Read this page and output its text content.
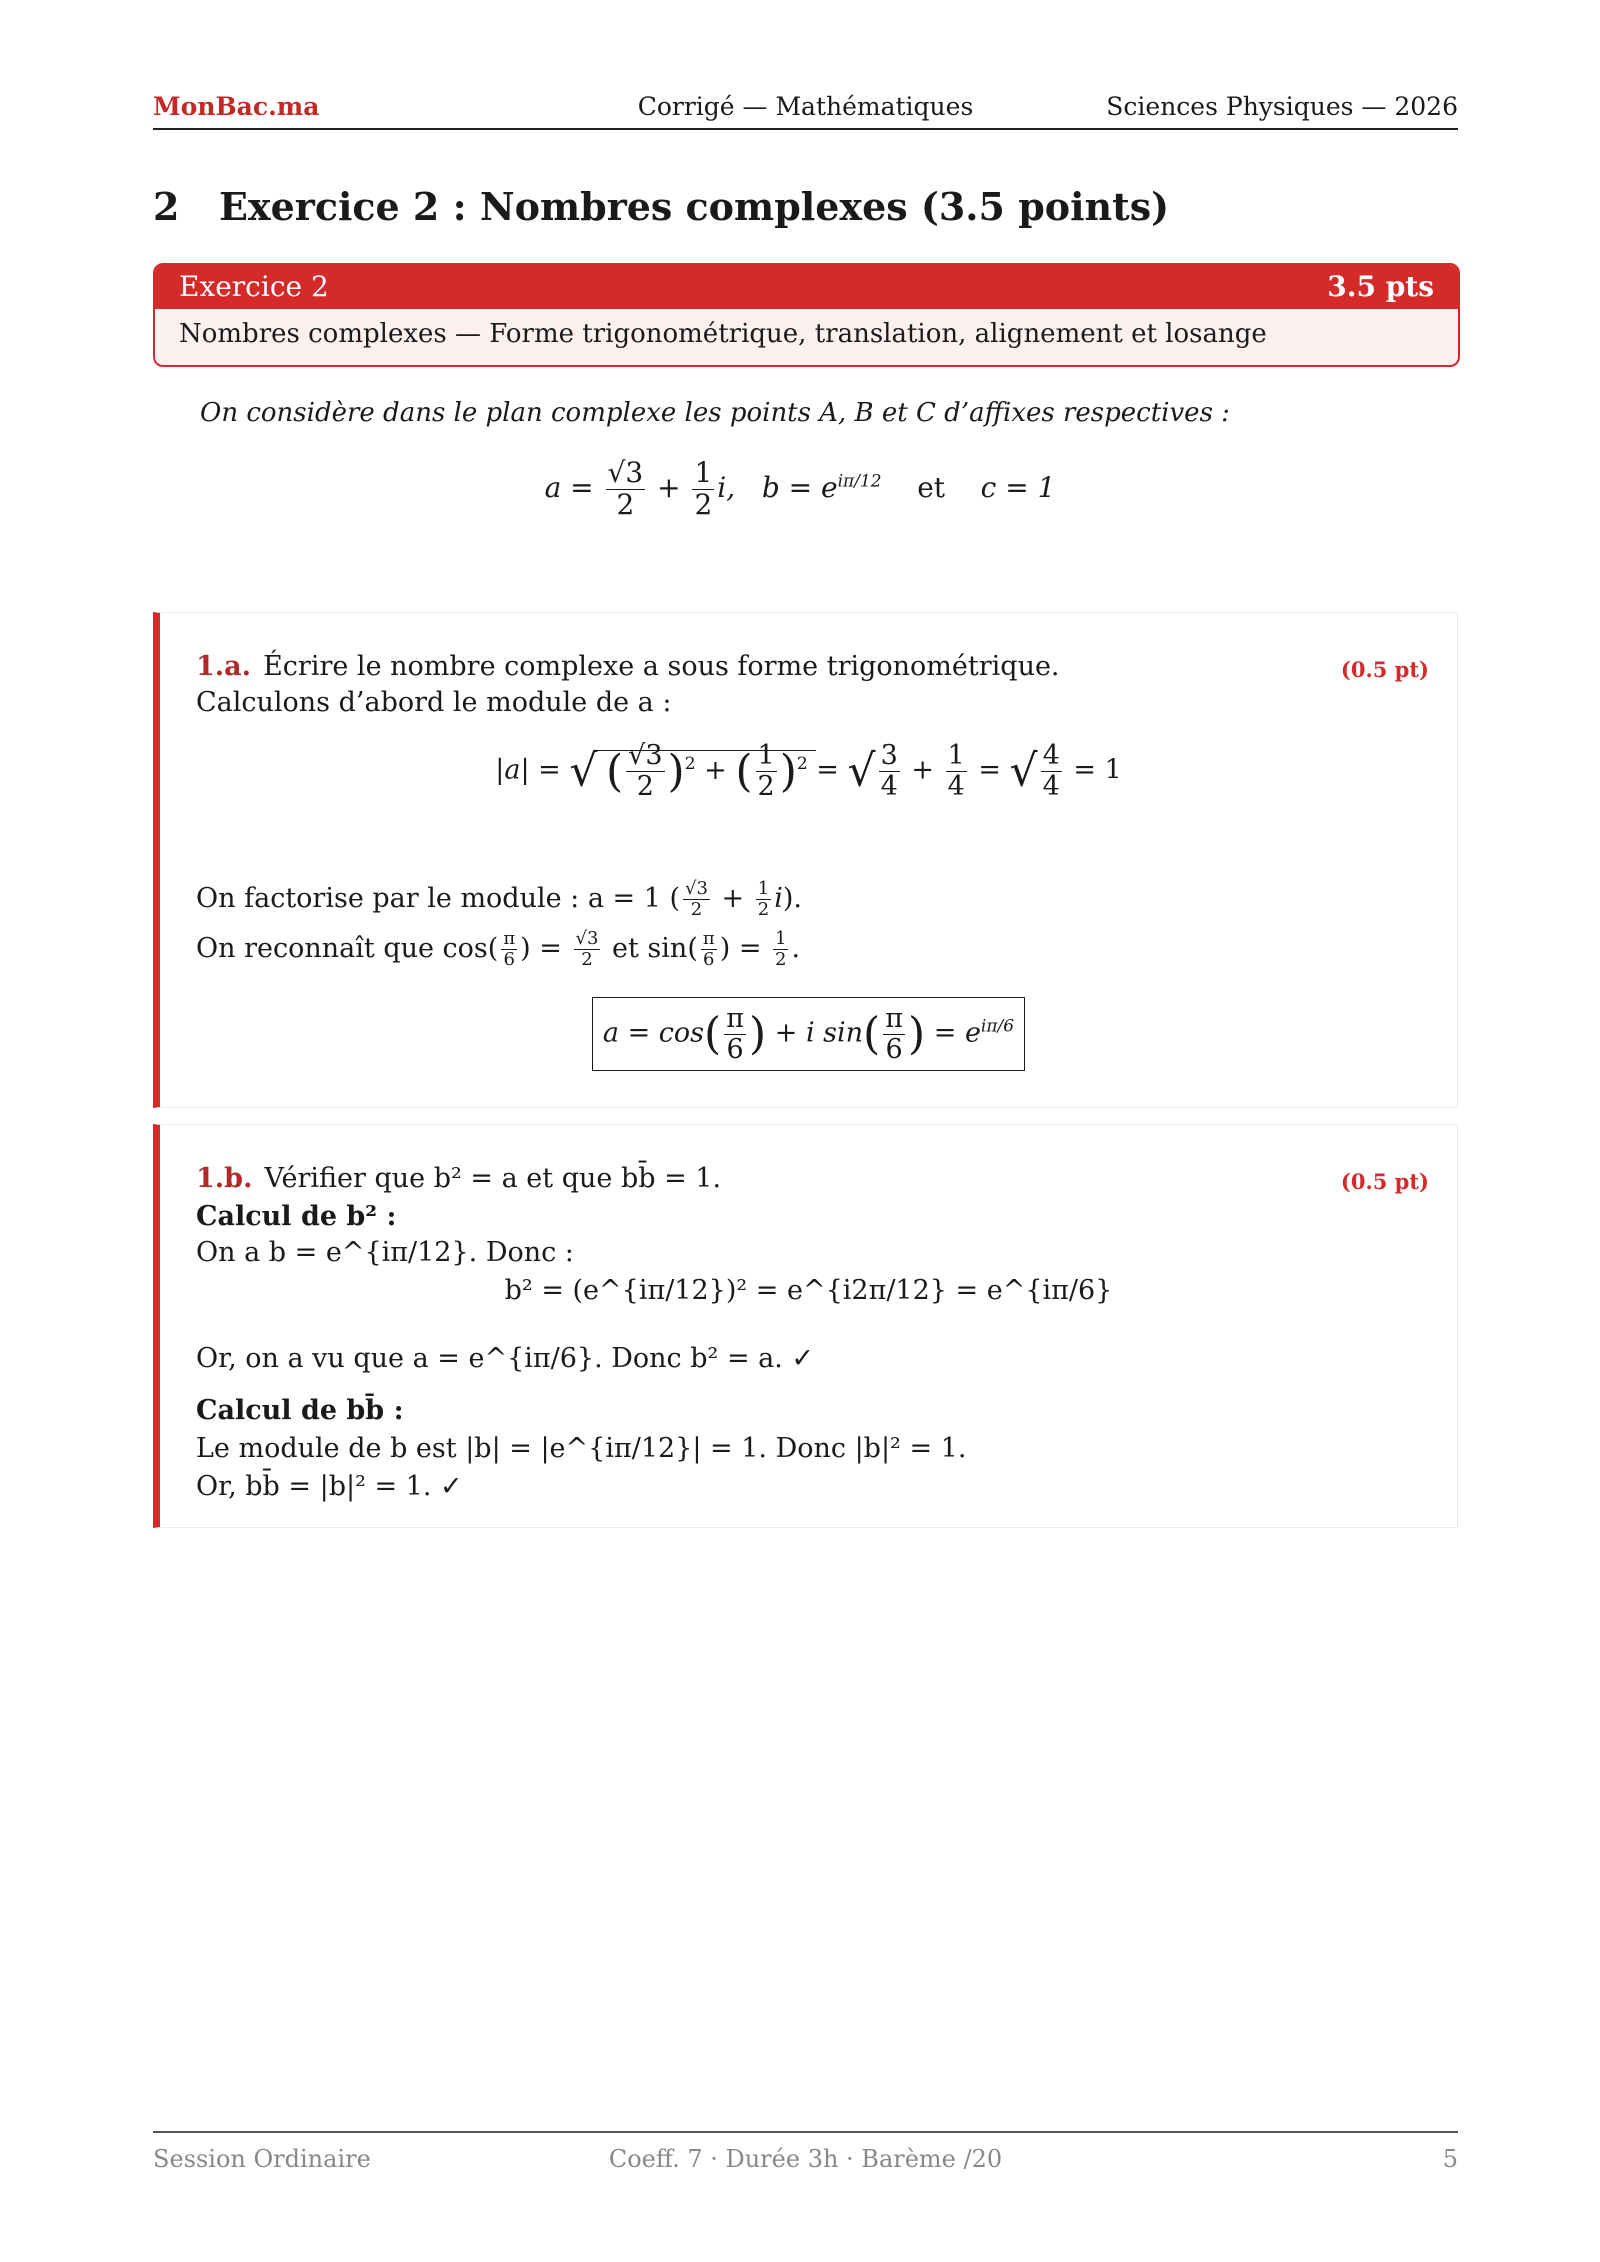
MonBac.ma	Corrigé — Mathématiques	Sciences Physiques — 2026
2 Exercice 2 : Nombres complexes (3.5 points)
Exercice 2	3.5 pts
Nombres complexes — Forme trigonométrique, translation, alignement et losange
On considère dans le plan complexe les points A, B et C d’affixes respectives :
$a = \frac{√3}{2} + \frac{1}{2} i$, $b = e^{i\pi/12}$ et c = 1
1.a. Écrire le nombre complexe a sous forme trigonométrique.	(0.5 pt)
Calculons d’abord le module de a :
|a| = √ ( $\frac{√3}{2} )^2$ + ( $\frac{1}{2} )^2$ = √ $\frac{3}{4} + \frac{1}{4}$ = √ $\frac{4}{4} = 1$
On factorise par le module : a = 1 ( $\frac{√3}{2} + \frac{1}{2} i$).
On reconnaît que $\cos( \frac{\pi}{6}$ ) = $\frac{√3}{2}$ et $\sin( \frac{\pi}{6}$ ) = $\frac{1}{2}$ .
$a = \cos( \frac{\pi}{6}$ ) + i $\sin( \frac{\pi}{6}$ ) = $e^{i\pi/6}$
1.b. Vérifier que b² = a et que bb̄ = 1.	(0.5 pt)
Calcul de b² :
On a b = e^{iπ/12}. Donc :
b² = (e^{iπ/12})² = e^{i2π/12} = e^{iπ/6}
Or, on a vu que a = e^{iπ/6}. Donc b² = a. ✓
Calcul de bb̄ :
Le module de b est |b| = |e^{iπ/12}| = 1. Donc |b|² = 1.
Or, bb̄ = |b|² = 1. ✓
Session Ordinaire	Coeff. 7 · Durée 3h · Barème /20	5
